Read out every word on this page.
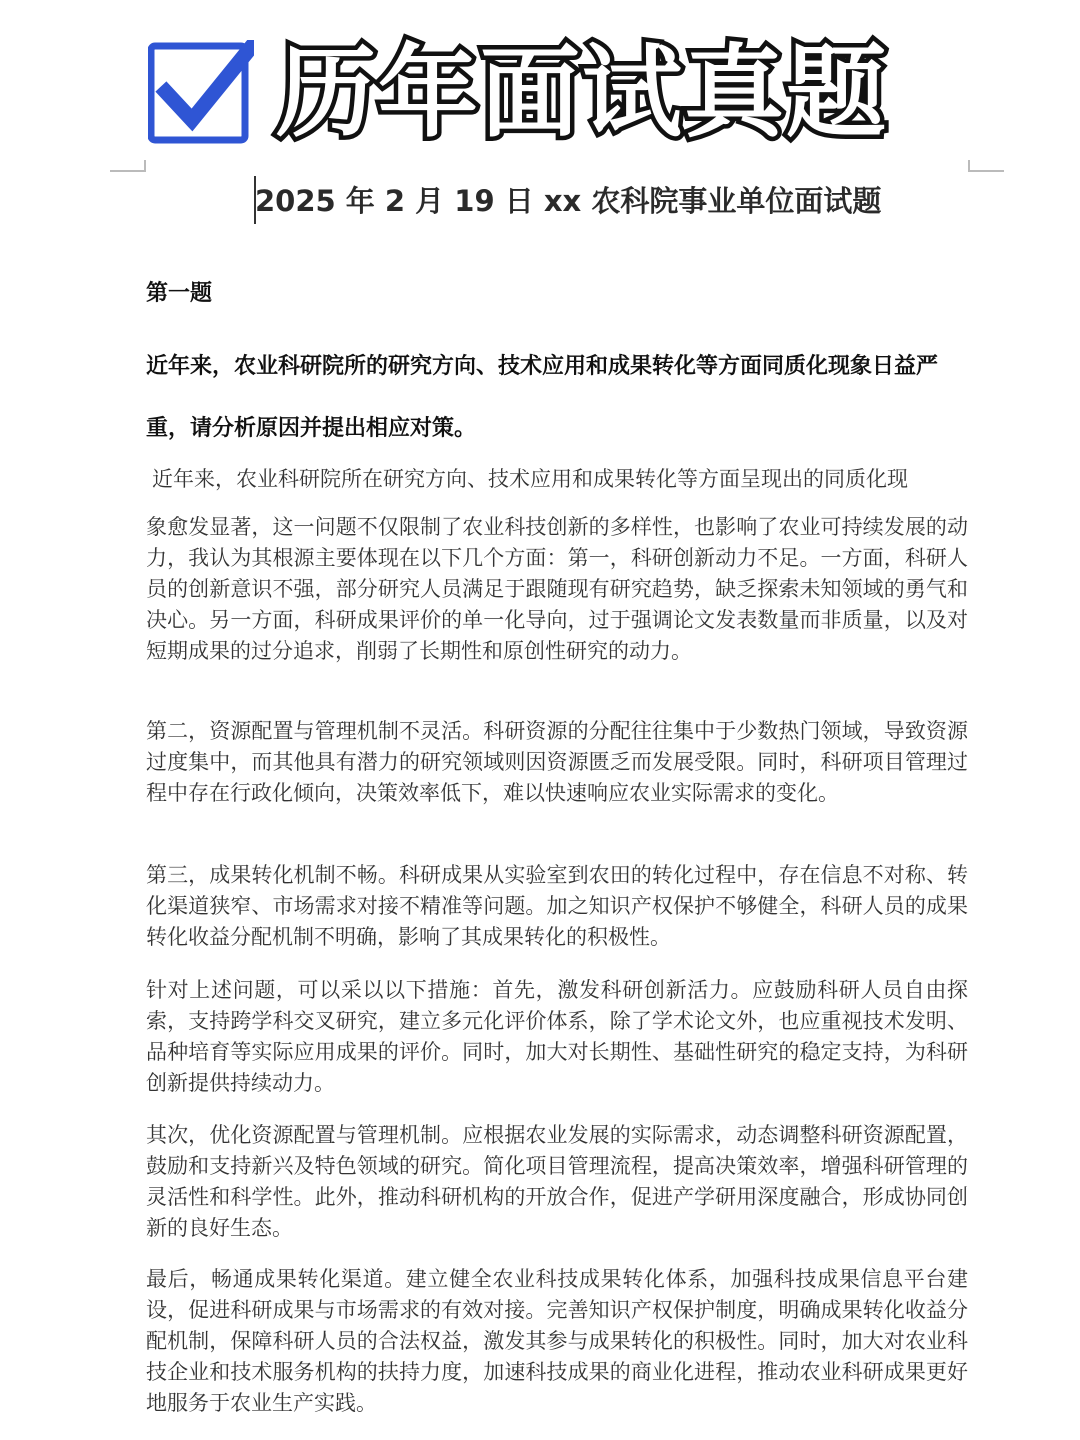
历年面试真题
2025 年 2 月 19 日 xx 农科院事业单位面试题
第一题

近年来，农业科研院所的研究方向、技术应用和成果转化等方面同质化现象日益严重，请分析原因并提出相应对策。

近年来，农业科研院所在研究方向、技术应用和成果转化等方面呈现出的同质化现
象愈发显著，这一问题不仅限制了农业科技创新的多样性，也影响了农业可持续发展的动力，我认为其根源主要体现在以下几个方面：第一，科研创新动力不足。一方面，科研人员的创新意识不强，部分研究人员满足于跟随现有研究趋势，缺乏探索未知领域的勇气和决心。另一方面，科研成果评价的单一化导向，过于强调论文发表数量而非质量，以及对短期成果的过分追求，削弱了长期性和原创性研究的动力。

第二，资源配置与管理机制不灵活。科研资源的分配往往集中于少数热门领域，导致资源过度集中，而其他具有潜力的研究领域则因资源匮乏而发展受限。同时，科研项目管理过程中存在行政化倾向，决策效率低下，难以快速响应农业实际需求的变化。

第三，成果转化机制不畅。科研成果从实验室到农田的转化过程中，存在信息不对称、转化渠道狭窄、市场需求对接不精准等问题。加之知识产权保护不够健全，科研人员的成果转化收益分配机制不明确，影响了其成果转化的积极性。

针对上述问题，可以采以以下措施：首先，激发科研创新活力。应鼓励科研人员自由探索，支持跨学科交叉研究，建立多元化评价体系，除了学术论文外，也应重视技术发明、品种培育等实际应用成果的评价。同时，加大对长期性、基础性研究的稳定支持，为科研创新提供持续动力。

其次，优化资源配置与管理机制。应根据农业发展的实际需求，动态调整科研资源配置，鼓励和支持新兴及特色领域的研究。简化项目管理流程，提高决策效率，增强科研管理的灵活性和科学性。此外，推动科研机构的开放合作，促进产学研用深度融合，形成协同创新的良好生态。

最后，畅通成果转化渠道。建立健全农业科技成果转化体系，加强科技成果信息平台建设，促进科研成果与市场需求的有效对接。完善知识产权保护制度，明确成果转化收益分配机制，保障科研人员的合法权益，激发其参与成果转化的积极性。同时，加大对农业科技企业和技术服务机构的扶持力度，加速科技成果的商业化进程，推动农业科研成果更好地服务于农业生产实践。
